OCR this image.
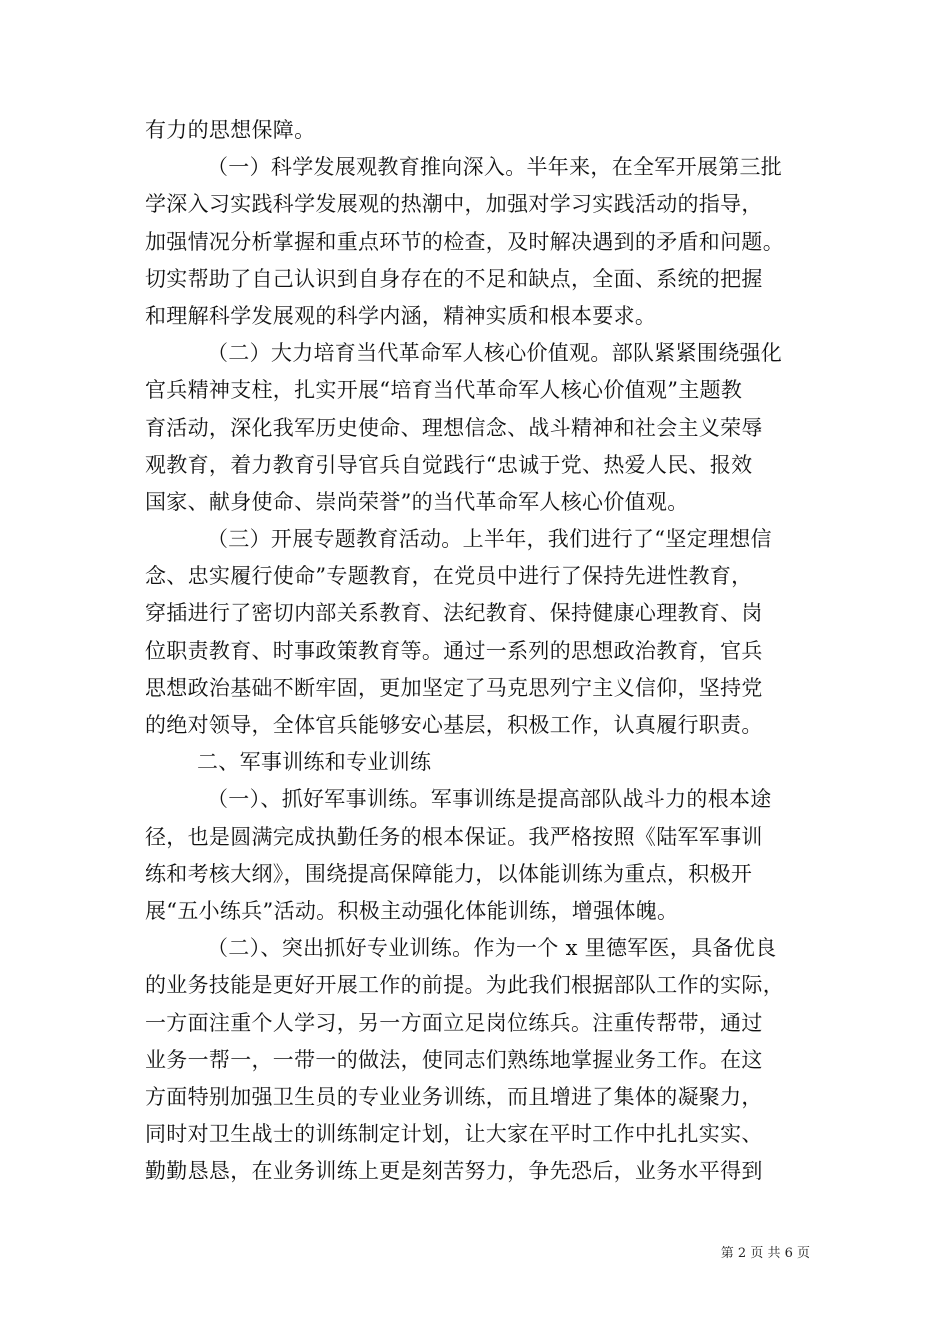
有力的思想保障。
（一）科学发展观教育推向深入。半年来，在全军开展第三批
学深入习实践科学发展观的热潮中，加强对学习实践活动的指导，
加强情况分析掌握和重点环节的检查，及时解决遇到的矛盾和问题。
切实帮助了自己认识到自身存在的不足和缺点，全面、系统的把握
和理解科学发展观的科学内涵，精神实质和根本要求。
（二）大力培育当代革命军人核心价值观。部队紧紧围绕强化
官兵精神支柱，扎实开展“培育当代革命军人核心价值观”主题教
育活动，深化我军历史使命、理想信念、战斗精神和社会主义荣辱
观教育，着力教育引导官兵自觉践行“忠诚于党、热爱人民、报效
国家、献身使命、崇尚荣誉”的当代革命军人核心价值观。
（三）开展专题教育活动。上半年，我们进行了“坚定理想信
念、忠实履行使命”专题教育，在党员中进行了保持先进性教育，
穿插进行了密切内部关系教育、法纪教育、保持健康心理教育、岗
位职责教育、时事政策教育等。通过一系列的思想政治教育，官兵
思想政治基础不断牢固，更加坚定了马克思列宁主义信仰，坚持党
的绝对领导，全体官兵能够安心基层，积极工作，认真履行职责。
二、军事训练和专业训练
（一）、抓好军事训练。军事训练是提高部队战斗力的根本途
径，也是圆满完成执勤任务的根本保证。我严格按照《陆军军事训
练和考核大纲》，围绕提高保障能力，以体能训练为重点，积极开
展“五小练兵”活动。积极主动强化体能训练，增强体魄。
（二）、突出抓好专业训练。作为一个 x 里德军医，具备优良
的业务技能是更好开展工作的前提。为此我们根据部队工作的实际，
一方面注重个人学习，另一方面立足岗位练兵。注重传帮带，通过
业务一帮一，一带一的做法，使同志们熟练地掌握业务工作。在这
方面特别加强卫生员的专业业务训练，而且增进了集体的凝聚力，
同时对卫生战士的训练制定计划，让大家在平时工作中扎扎实实、
勤勤恳恳，在业务训练上更是刻苦努力，争先恐后，业务水平得到
第 2 页 共 6 页
